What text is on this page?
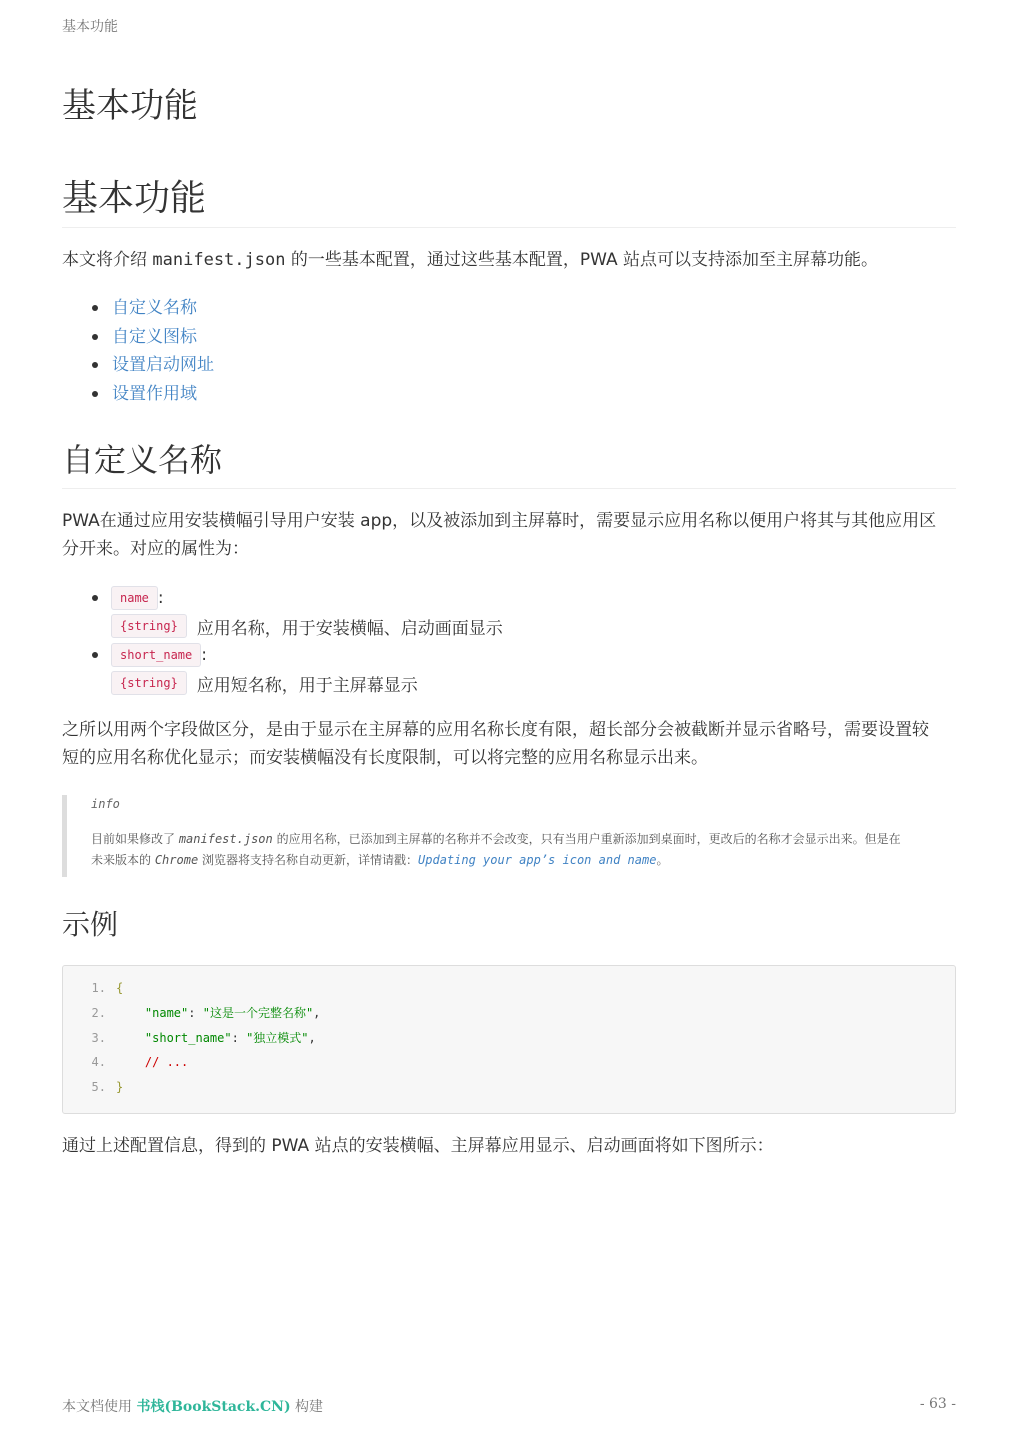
基本功能
基本功能
基本功能

本文将介绍 manifest.json 的一些基本配置，通过这些基本配置，PWA 站点可以支持添加至主屏幕功能。

自定义名称
自定义图标
设置启动网址
设置作用域
自定义名称

PWA在通过应用安装横幅引导用户安装 app，以及被添加到主屏幕时，需要显示应用名称以便用户将其与其他应用区
分开来。对应的属性为：

name :
{string}	应用名称，用于安装横幅、启动画面显示
short_name :
{string}	应用短名称，用于主屏幕显示

之所以用两个字段做区分，是由于显示在主屏幕的应用名称长度有限，超长部分会被截断并显示省略号，需要设置较
短的应用名称优化显示；而安装横幅没有长度限制，可以将完整的应用名称显示出来。

info
目前如果修改了 manifest.json 的应用名称，已添加到主屏幕的名称并不会改变，只有当用户重新添加到桌面时，更改后的名称才会显示出来。但是在
未来版本的 Chrome 浏览器将支持名称自动更新，详情请戳：Updating your app’s icon and name。
示例
1. {
2.	"name": "这是一个完整名称",
3.	"short_name": "独立模式",
4.	// ...
5. }

通过上述配置信息，得到的 PWA 站点的安装横幅、主屏幕应用显示、启动画面将如下图所示：

本文档使用 书栈(BookStack.CN) 构建	- 63 -
